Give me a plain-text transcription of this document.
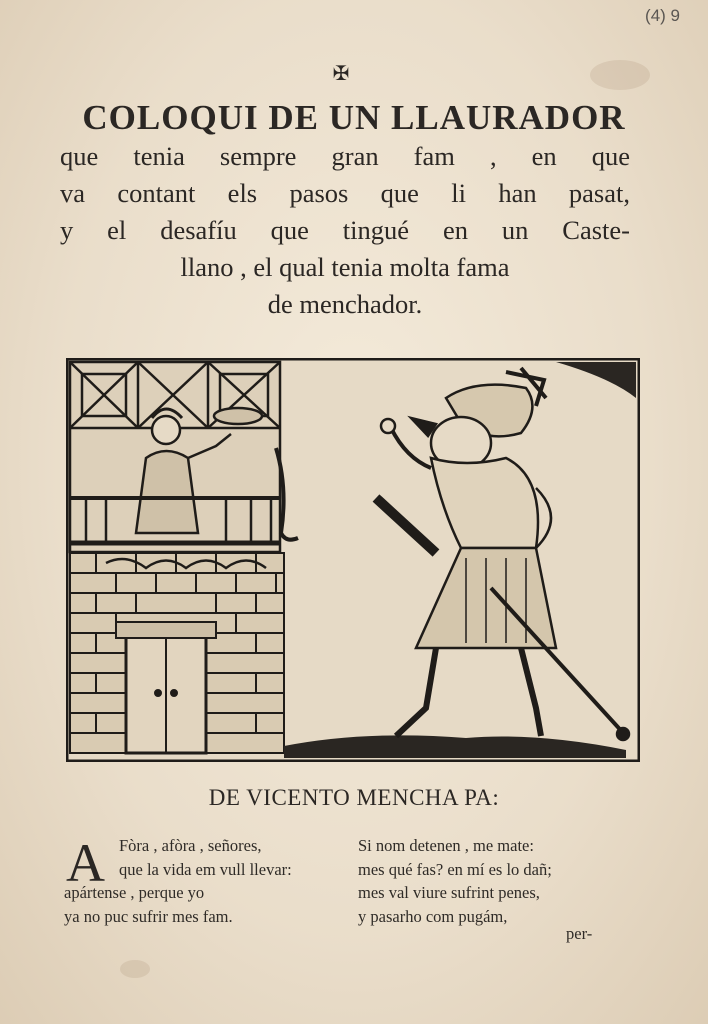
(4) 9
✠
COLOQUI DE UN LLAURADOR
que tenia sempre gran fam , en que
va contant els pasos que li han pasat,
y el desafíu que tingué en un Caste-
llano , el qual tenia molta fama
de menchador.
DE VICENTO MENCHA PA:
A Fòra , afòra , señores,
que la vida em vull llevar:
apártense , perque yo
ya no puc sufrir mes fam.
Si nom detenen , me mate:
mes qué fas? en mí es lo dañ;
mes val viure sufrint penes,
y pasarho com pugám,
per-
